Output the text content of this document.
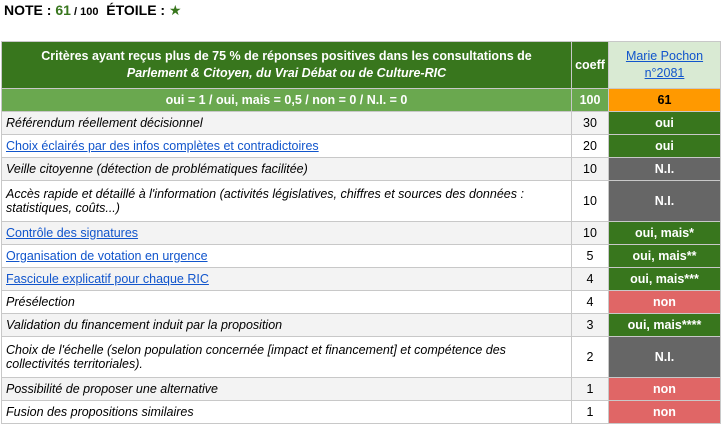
NOTE : 61 / 100 ÉTOILE : ★
Critères ayant reçus plus de 75 % de réponses positives dans les consultations de
Parlement & Citoyen, du Vrai Débat ou de Culture-RIC	coeff	Marie Pochon
n°2081
oui = 1 / oui, mais = 0,5 / non = 0 / N.I. = 0	100	61
Référendum réellement décisionnel	30	oui
Choix éclairés par des infos complètes et contradictoires	20	oui
Veille citoyenne (détection de problématiques facilitée)	10	N.I.
Accès rapide et détaillé à l'information (activités législatives, chiffres et sources des données : statistiques, coûts...)	10	N.I.
Contrôle des signatures	10	oui, mais*
Organisation de votation en urgence	5	oui, mais**
Fascicule explicatif pour chaque RIC	4	oui, mais***
Présélection	4	non
Validation du financement induit par la proposition	3	oui, mais****
Choix de l'échelle (selon population concernée [impact et financement] et compétence des collectivités territoriales).	2	N.I.
Possibilité de proposer une alternative	1	non
Fusion des propositions similaires	1	non
